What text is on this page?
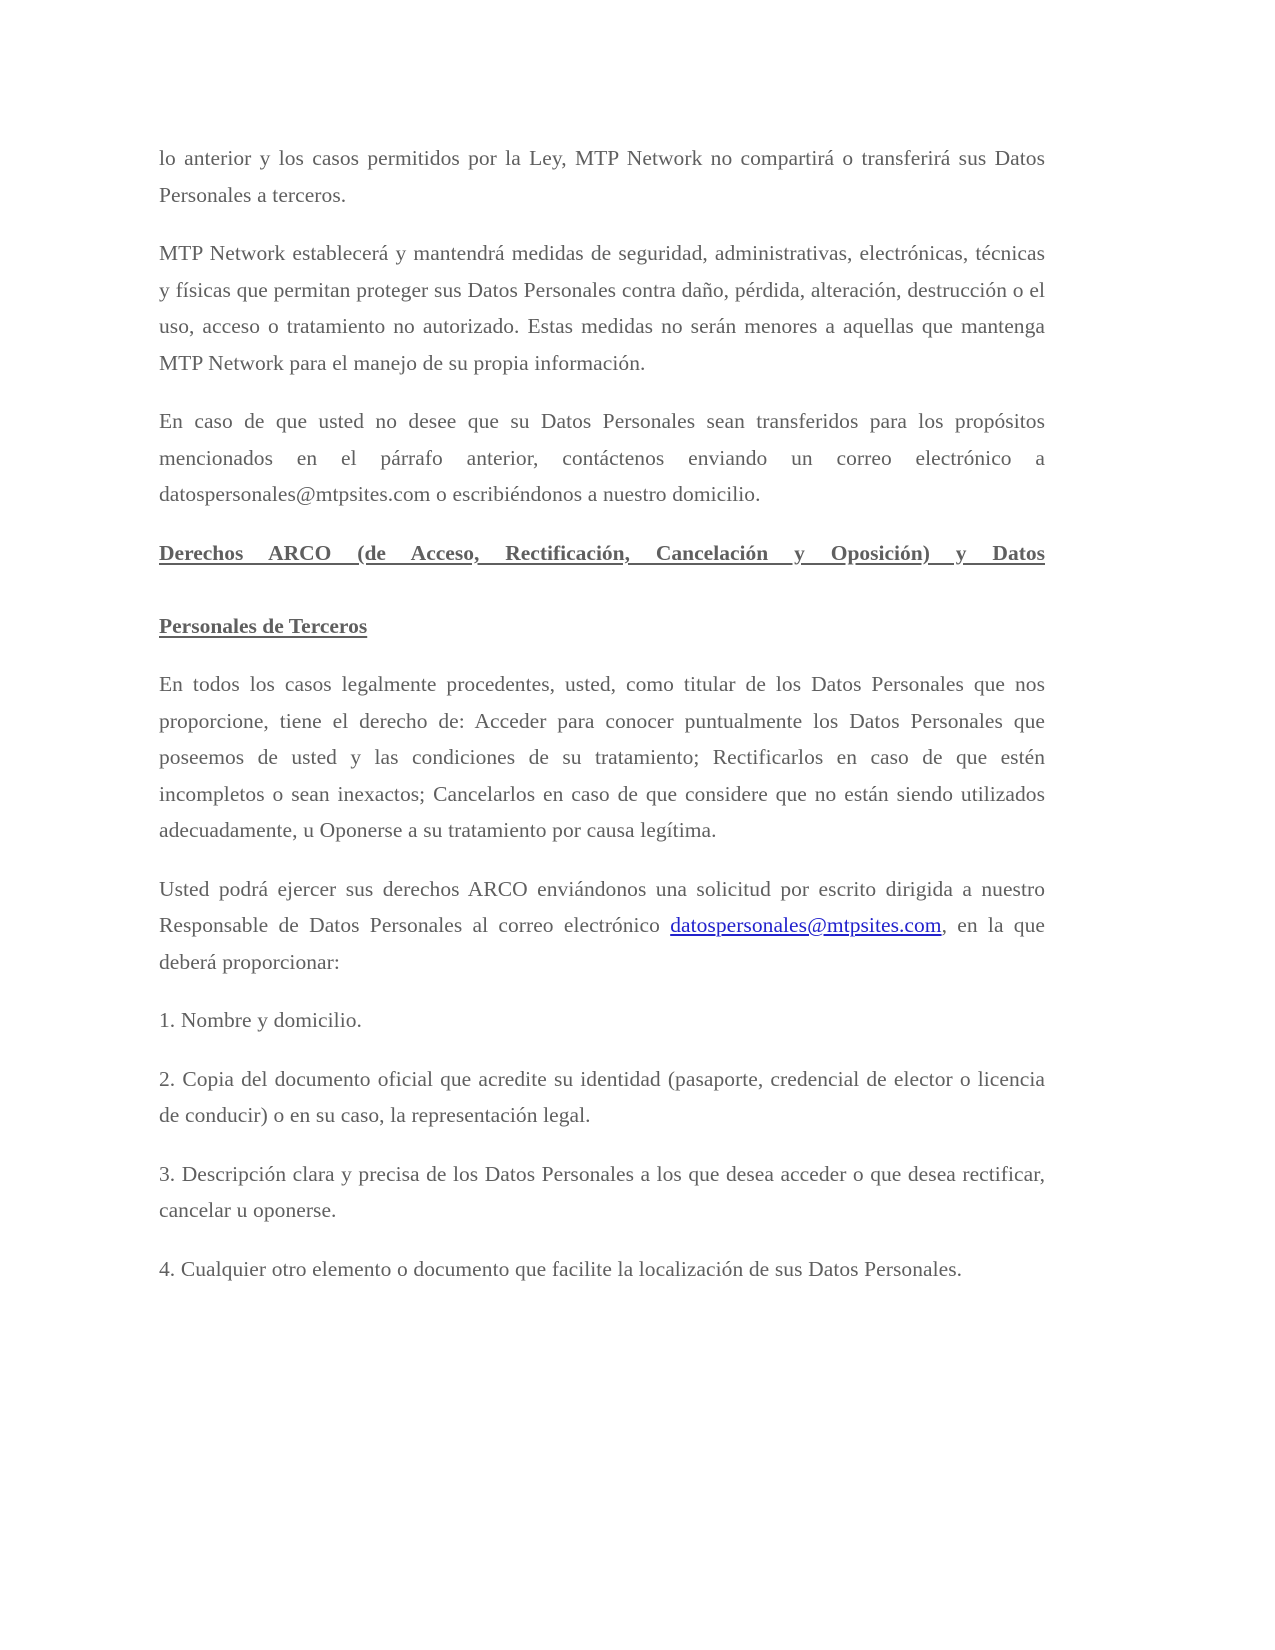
lo anterior y los casos permitidos por la Ley, MTP Network no compartirá o transferirá sus Datos Personales a terceros.

MTP Network establecerá y mantendrá medidas de seguridad, administrativas, electrónicas, técnicas y físicas que permitan proteger sus Datos Personales contra daño, pérdida, alteración, destrucción o el uso, acceso o tratamiento no autorizado. Estas medidas no serán menores a aquellas que mantenga MTP Network para el manejo de su propia información.

En caso de que usted no desee que su Datos Personales sean transferidos para los propósitos mencionados en el párrafo anterior, contáctenos enviando un correo electrónico a datospersonales@mtpsites.com o escribiéndonos a nuestro domicilio.

Derechos ARCO (de Acceso, Rectificación, Cancelación y Oposición) y Datos
Personales de Terceros

En todos los casos legalmente procedentes, usted, como titular de los Datos Personales que nos proporcione, tiene el derecho de: Acceder para conocer puntualmente los Datos Personales que poseemos de usted y las condiciones de su tratamiento; Rectificarlos en caso de que estén incompletos o sean inexactos; Cancelarlos en caso de que considere que no están siendo utilizados adecuadamente, u Oponerse a su tratamiento por causa legítima.

Usted podrá ejercer sus derechos ARCO enviándonos una solicitud por escrito dirigida a nuestro Responsable de Datos Personales al correo electrónico datospersonales@mtpsites.com, en la que deberá proporcionar:

1. Nombre y domicilio.

2. Copia del documento oficial que acredite su identidad (pasaporte, credencial de elector o licencia de conducir) o en su caso, la representación legal.

3. Descripción clara y precisa de los Datos Personales a los que desea acceder o que desea rectificar, cancelar u oponerse.

4. Cualquier otro elemento o documento que facilite la localización de sus Datos Personales.
